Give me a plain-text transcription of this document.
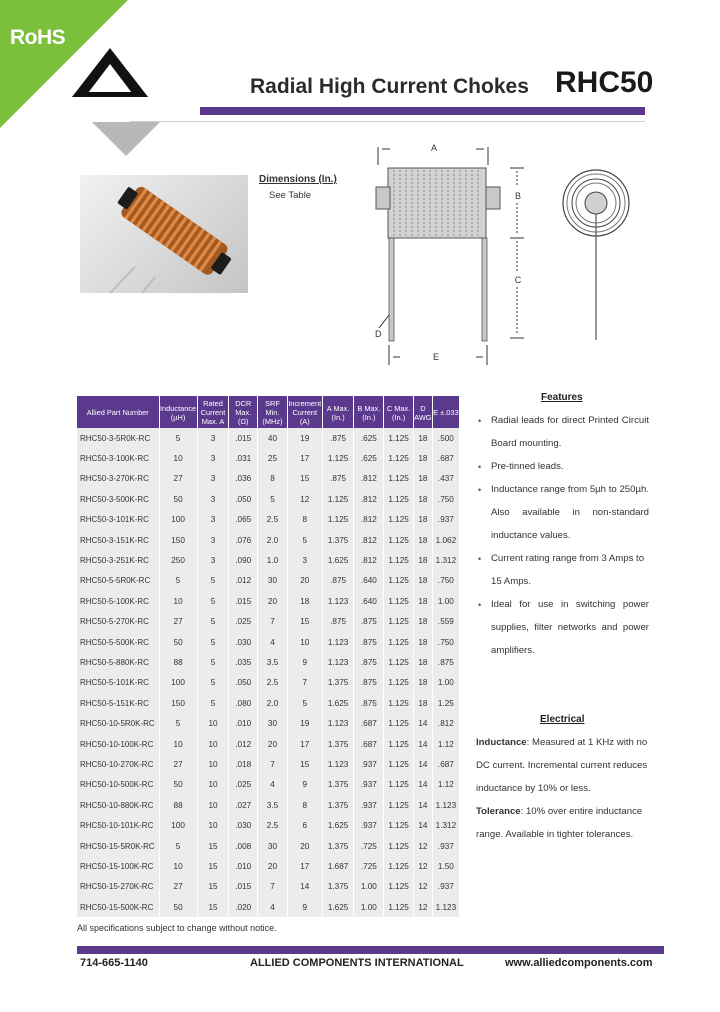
RoHS
Radial High Current Chokes RHC50
Dimensions (In.)
See Table
A
B
C
D
E
Allied Part Number	Inductance (µH)	Rated Current Max. A	DCR Max. (Ω)	SRF Min. (MHz)	Increment Current (A)	A Max. (In.)	B Max. (In.)	C Max. (In.)	D AWG	E ±.033
RHC50-3-5R0K-RC	5	3	.015	40	19	.875	.625	1.125	18	.500
RHC50-3-100K-RC	10	3	.031	25	17	1.125	.625	1.125	18	.687
RHC50-3-270K-RC	27	3	.036	8	15	.875	.812	1.125	18	.437
RHC50-3-500K-RC	50	3	.050	5	12	1.125	.812	1.125	18	.750
RHC50-3-101K-RC	100	3	.065	2.5	8	1.125	.812	1.125	18	.937
RHC50-3-151K-RC	150	3	.076	2.0	5	1.375	.812	1.125	18	1.062
RHC50-3-251K-RC	250	3	.090	1.0	3	1.625	.812	1.125	18	1.312
RHC50-5-5R0K-RC	5	5	.012	30	20	.875	.640	1.125	18	.750
RHC50-5-100K-RC	10	5	.015	20	18	1.123	.640	1.125	18	1.00
RHC50-5-270K-RC	27	5	.025	7	15	.875	.875	1.125	18	.559
RHC50-5-500K-RC	50	5	.030	4	10	1.123	.875	1.125	18	.750
RHC50-5-880K-RC	88	5	.035	3.5	9	1.123	.875	1.125	18	.875
RHC50-5-101K-RC	100	5	.050	2.5	7	1.375	.875	1.125	18	1.00
RHC50-5-151K-RC	150	5	.080	2.0	5	1.625	.875	1.125	18	1.25
RHC50-10-5R0K-RC	5	10	.010	30	19	1.123	.687	1.125	14	.812
RHC50-10-100K-RC	10	10	.012	20	17	1.375	.687	1.125	14	1.12
RHC50-10-270K-RC	27	10	.018	7	15	1.123	.937	1.125	14	.687
RHC50-10-500K-RC	50	10	.025	4	9	1.375	.937	1.125	14	1.12
RHC50-10-880K-RC	88	10	.027	3.5	8	1.375	.937	1.125	14	1.123
RHC50-10-101K-RC	100	10	.030	2.5	6	1.625	.937	1.125	14	1.312
RHC50-15-5R0K-RC	5	15	.008	30	20	1.375	.725	1.125	12	.937
RHC50-15-100K-RC	10	15	.010	20	17	1.687	.725	1.125	12	1.50
RHC50-15-270K-RC	27	15	.015	7	14	1.375	1.00	1.125	12	.937
RHC50-15-500K-RC	50	15	.020	4	9	1.625	1.00	1.125	12	1.123
All specifications subject to change without notice.
Features
• Radial leads for direct Printed Circuit Board mounting.
• Pre-tinned leads.
• Inductance range from 5µh to 250µh. Also available in non-standard inductance values.
• Current rating range from 3 Amps to 15 Amps.
• Ideal for use in switching power supplies, filter networks and power amplifiers.
Electrical
Inductance: Measured at 1 KHz with no DC current. Incremental current reduces inductance by 10% or less.
Tolerance: 10% over entire inductance range. Available in tighter tolerances.
714-665-1140	ALLIED COMPONENTS INTERNATIONAL	www.alliedcomponents.com
